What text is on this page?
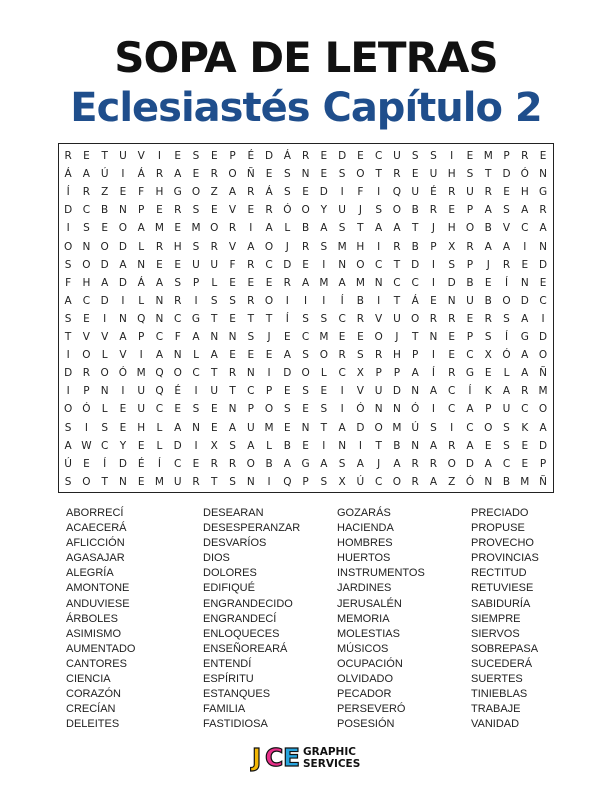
SOPA DE LETRAS
Eclesiastés Capítulo 2
R	E	T	U	V	I	E	S	E	P	É	D	Á	R	E	D	E	C	U	S	S	I	E M	P	R	E
Á	A	Ú	I	Á	R	A	E	R O Ñ	E	S	N	E	S	O	T	R	E	U H	S	T	D Ó N
Í	R	Z	E	F	H G O	Z	A	R	Á	S	E	D	I	F	I	Q U	É	R	U	R	E	H G
D	C	B	N	P	E	R	S	E	V	E	R Ó O	Y	U	J	S	O	B	R	E	P	A	S	A	R
I	S	E	O	A M E M O R	I	A	L	B	A	S	T	A	A	T	J	H O	B	V	C	A
O N O D	L	R	H	S	R	V	A	O	J	R	S M H	I	R	B	P	X	R	A	A	I	N
S	O D	A	N	E	E	U	U	F	R	C	D	E	I	N O C	T	D	I	S	P	J	R	E	D
F	H	A	D	Á	A	S	P	L	E	E	E	R	A M A M N	C	C	I	D	B	E	Í	N	E
A	C	D	I	L	N	R	I	S	S	R O	I	I	I	Í	B	I	T	Á	E	N U	B	O D	C
S	E	I	N Q N	C	G	T	E	T	T	Í	S	S	C	R	V	U O R	R	E	R	S	A	I
T	V	V	A	P	C	F	A	N N	S	J	E	C M E	E	O	J	T	N	E	P	S	Í	G D
I	O	L	V	I	A	N	L	A	E	E	E	A	S	O R	S	R	H	P	I	E	C	X	Ó	A	O
D	R O Ó M Q O C	T	R	N	I	D O	L	C	X	P	P	A	Í	R	G	E	L	A	Ñ
I	P	N	I	U Q	É	I	U	T	C	P	E	S	E	I	V	U D N	A	C	Í	K	A	R M
O Ó	L	E	U	C	E	S	E	N	P	O	S	E	S	I	Ó N N Ó	I	C	A	P	U	C O
S	I	S	E	H	L	A	N	E	A	U M E	N	T	A	D O M Ú	S	I	C O	S	K	A
A W C	Y	E	L	D	I	X	S	A	L	B	E	I	N	I	T	B	N	A	R	A	E	S	E	D
Ú	E	Í	D	É	Í	C	E	R	R O	B	A	G	A	S	A	J	A	R	R O D	A	C	E	P
S	O	T	N	E M U	R	T	S	N	I	Q	P	S	X	Ú	C O R	A	Z	Ó N	B M Ñ
ABORRECÍ
ACAECERÁ
AFLICCIÓN
AGASAJAR
ALEGRÍA
AMONTONE
ANDUVIESE
ÁRBOLES
ASIMISMO
AUMENTADO
CANTORES
CIENCIA
CORAZÓN
CRECÍAN
DELEITES
DESEARAN
DESESPERANZAR
DESVARÍOS
DIOS
DOLORES
EDIFIQUÉ
ENGRANDECIDO
ENGRANDECÍ
ENLOQUECES
ENSEÑOREARÁ
ENTENDÍ
ESPÍRITU
ESTANQUES
FAMILIA
FASTIDIOSA
GOZARÁS
HACIENDA
HOMBRES
HUERTOS
INSTRUMENTOS
JARDINES
JERUSALÉN
MEMORIA
MOLESTIAS
MÚSICOS
OCUPACIÓN
OLVIDADO
PECADOR
PERSEVERÓ
POSESIÓN
PRECIADO
PROPUSE
PROVECHO
PROVINCIAS
RECTITUD
RETUVIESE
SABIDURÍA
SIEMPRE
SIERVOS
SOBREPASA
SUCEDERÁ
SUERTES
TINIEBLAS
TRABAJE
VANIDAD
J C E GRAPHIC
SERVICES
